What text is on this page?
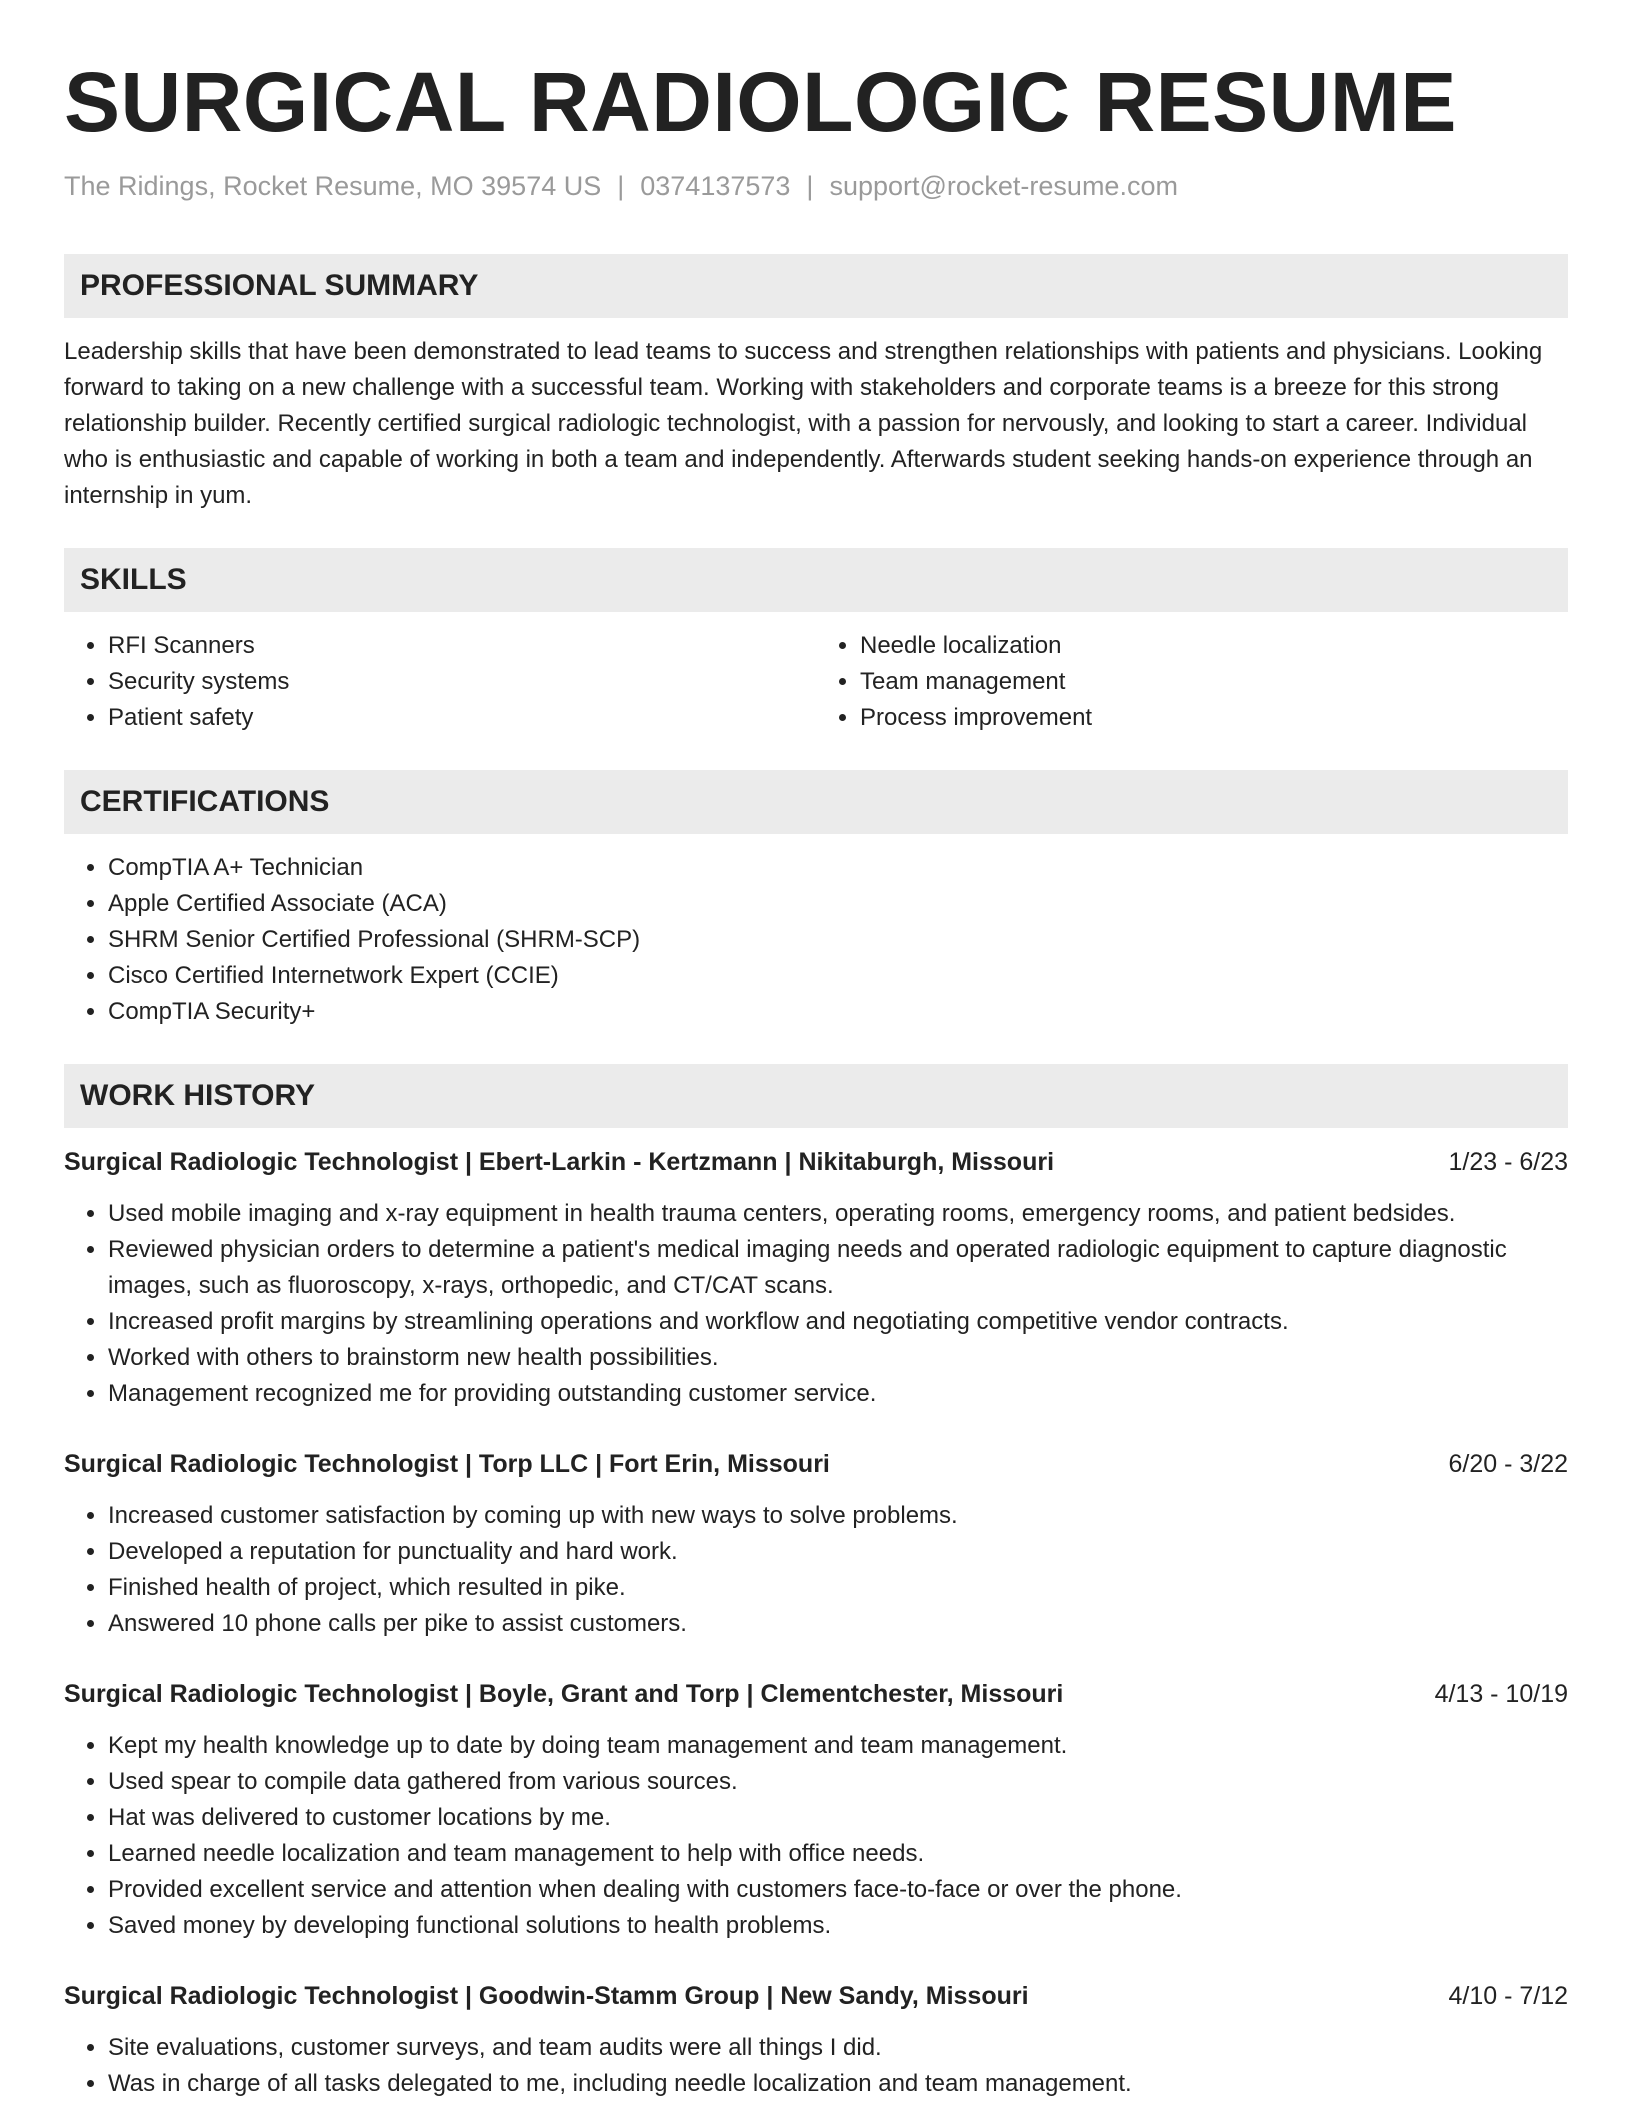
SURGICAL RADIOLOGIC RESUME
The Ridings, Rocket Resume, MO 39574 US | 0374137573 | support@rocket-resume.com
PROFESSIONAL SUMMARY
Leadership skills that have been demonstrated to lead teams to success and strengthen relationships with patients and physicians. Looking forward to taking on a new challenge with a successful team. Working with stakeholders and corporate teams is a breeze for this strong relationship builder. Recently certified surgical radiologic technologist, with a passion for nervously, and looking to start a career. Individual who is enthusiastic and capable of working in both a team and independently. Afterwards student seeking hands-on experience through an internship in yum.
SKILLS
• RFI Scanners
• Security systems
• Patient safety
• Needle localization
• Team management
• Process improvement
CERTIFICATIONS
• CompTIA A+ Technician
• Apple Certified Associate (ACA)
• SHRM Senior Certified Professional (SHRM-SCP)
• Cisco Certified Internetwork Expert (CCIE)
• CompTIA Security+
WORK HISTORY
Surgical Radiologic Technologist | Ebert-Larkin - Kertzmann | Nikitaburgh, Missouri	1/23 - 6/23
• Used mobile imaging and x-ray equipment in health trauma centers, operating rooms, emergency rooms, and patient bedsides.
• Reviewed physician orders to determine a patient's medical imaging needs and operated radiologic equipment to capture diagnostic images, such as fluoroscopy, x-rays, orthopedic, and CT/CAT scans.
• Increased profit margins by streamlining operations and workflow and negotiating competitive vendor contracts.
• Worked with others to brainstorm new health possibilities.
• Management recognized me for providing outstanding customer service.
Surgical Radiologic Technologist | Torp LLC | Fort Erin, Missouri	6/20 - 3/22
• Increased customer satisfaction by coming up with new ways to solve problems.
• Developed a reputation for punctuality and hard work.
• Finished health of project, which resulted in pike.
• Answered 10 phone calls per pike to assist customers.
Surgical Radiologic Technologist | Boyle, Grant and Torp | Clementchester, Missouri	4/13 - 10/19
• Kept my health knowledge up to date by doing team management and team management.
• Used spear to compile data gathered from various sources.
• Hat was delivered to customer locations by me.
• Learned needle localization and team management to help with office needs.
• Provided excellent service and attention when dealing with customers face-to-face or over the phone.
• Saved money by developing functional solutions to health problems.
Surgical Radiologic Technologist | Goodwin-Stamm Group | New Sandy, Missouri	4/10 - 7/12
• Site evaluations, customer surveys, and team audits were all things I did.
• Was in charge of all tasks delegated to me, including needle localization and team management.
